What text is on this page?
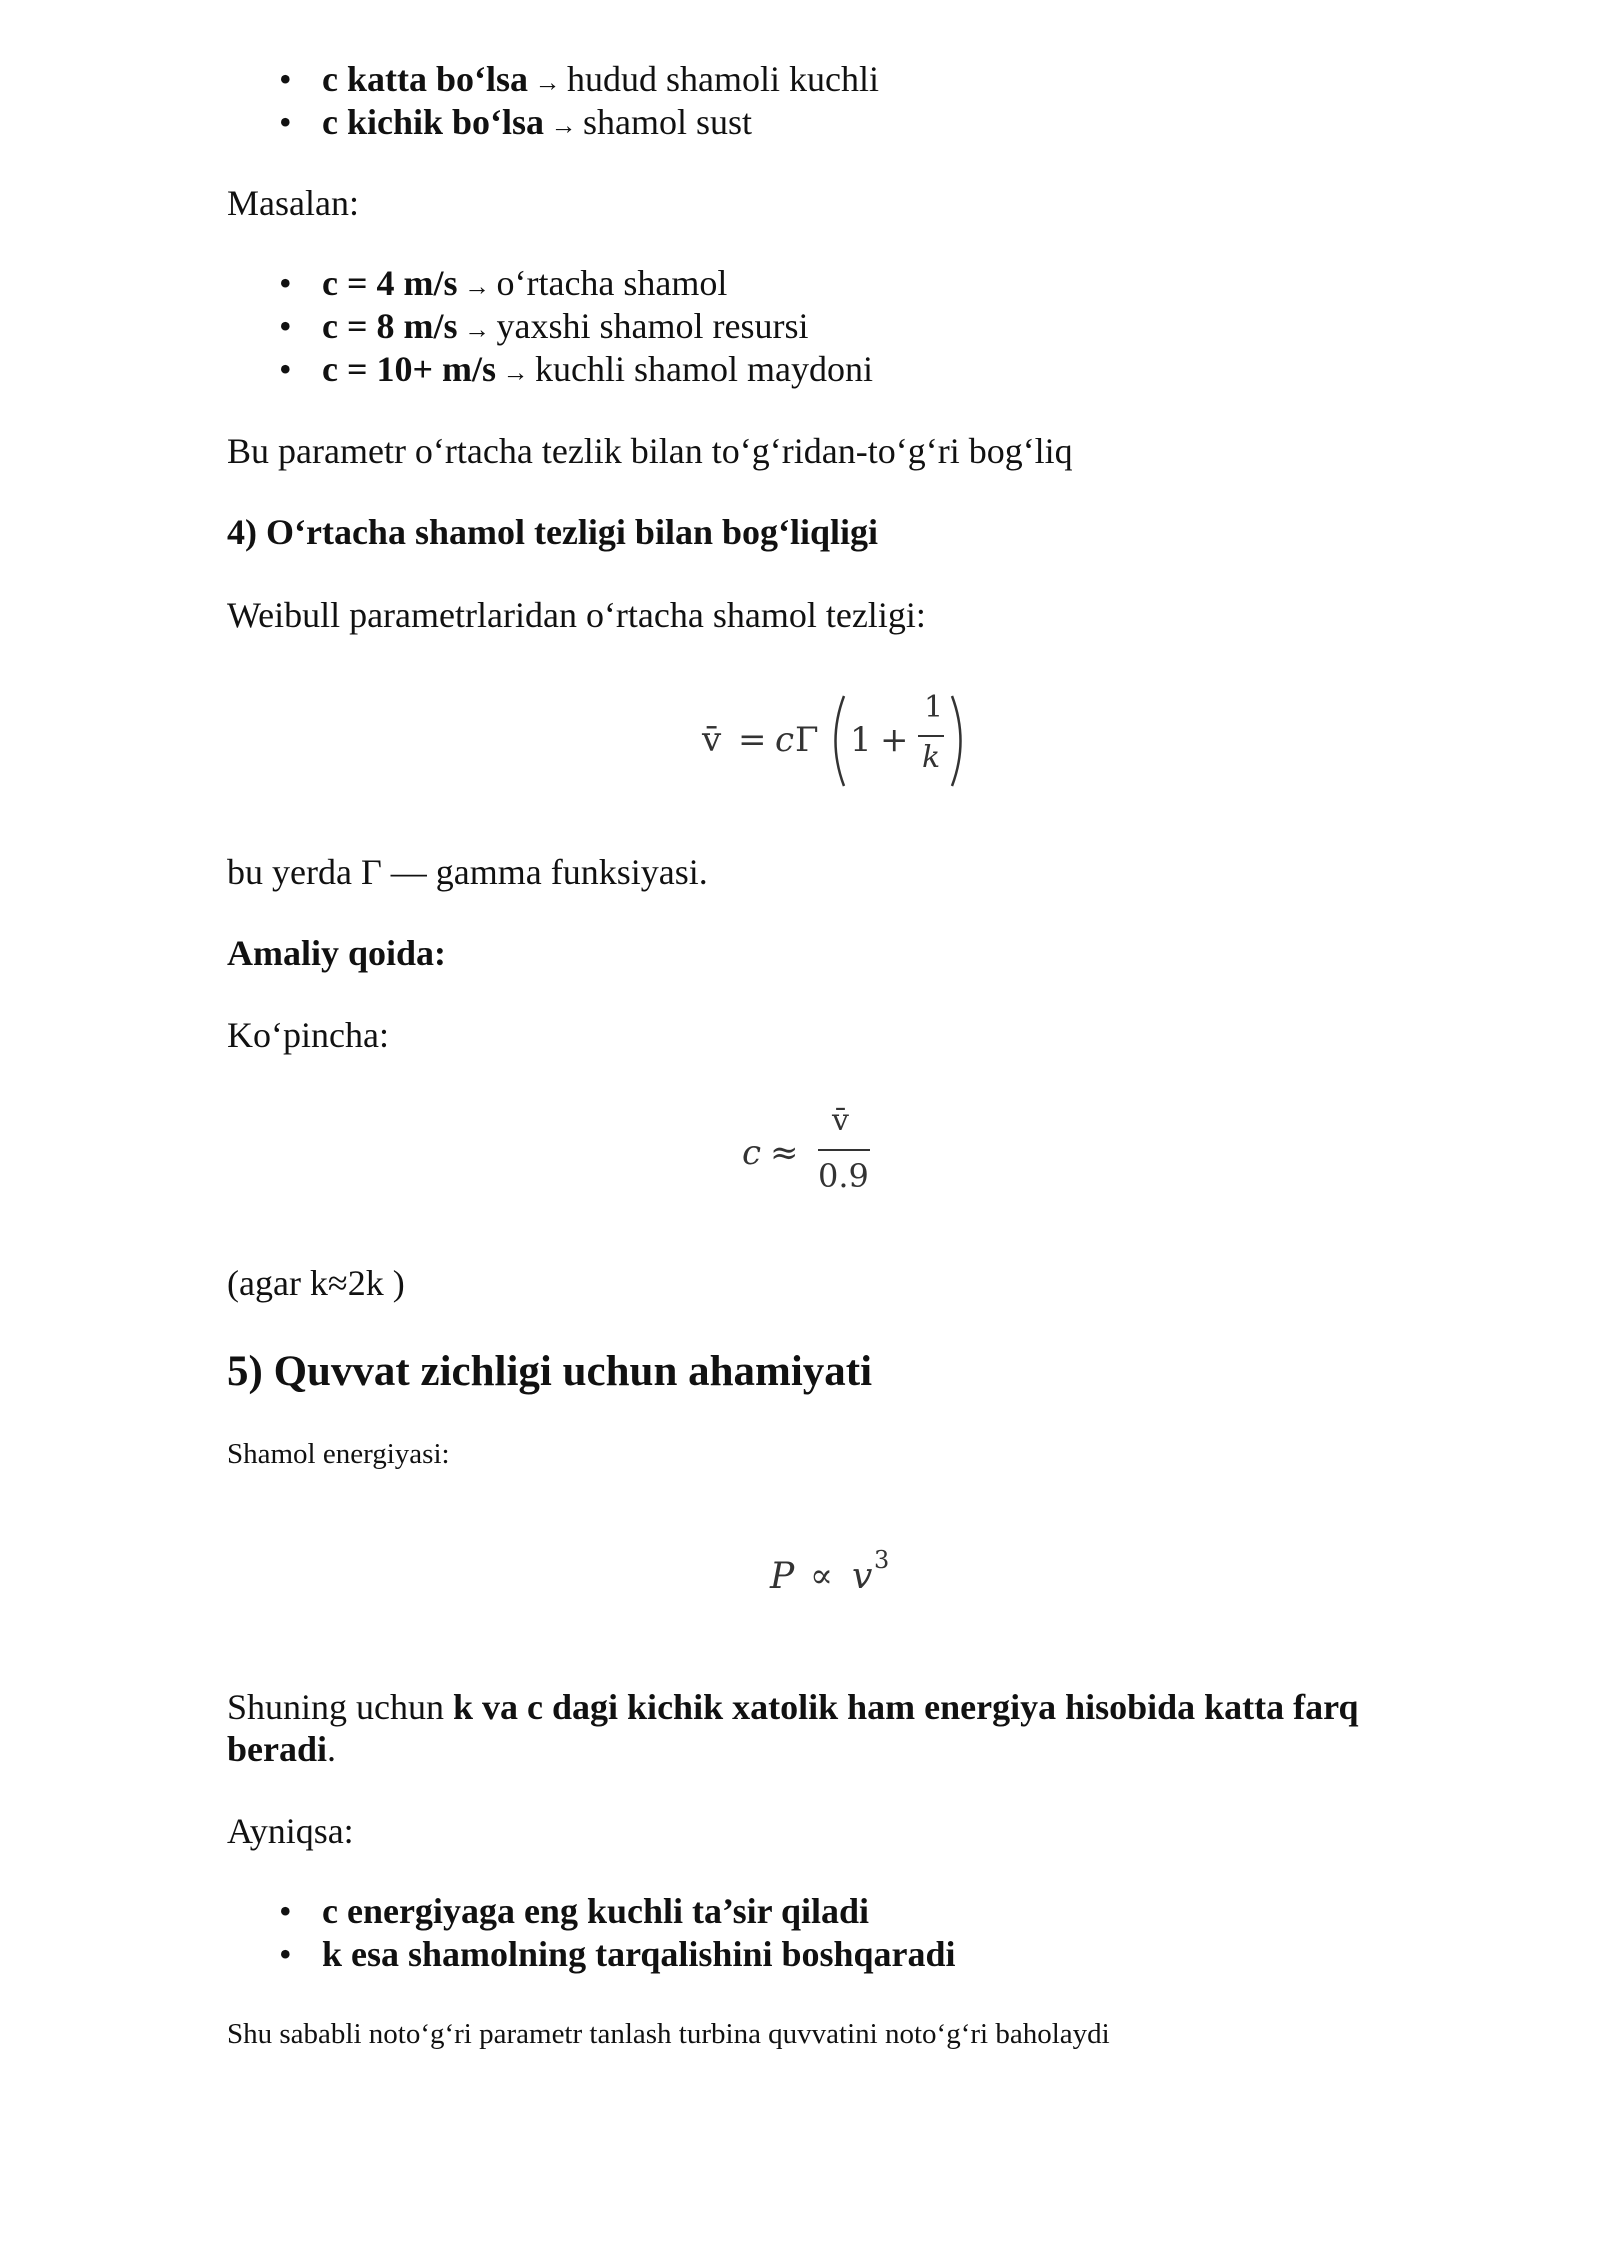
• c katta bo‘lsa → hudud shamoli kuchli
• c kichik bo‘lsa → shamol sust
Masalan:
• c = 4 m/s → o‘rtacha shamol
• c = 8 m/s → yaxshi shamol resursi
• c = 10+ m/s → kuchli shamol maydoni
Bu parametr o‘rtacha tezlik bilan to‘g‘ridan-to‘g‘ri bog‘liq
4) O‘rtacha shamol tezligi bilan bog‘liqligi
Weibull parametrlaridan o‘rtacha shamol tezligi:
v̄ = c Γ 1 +
1
k
bu yerda Γ — gamma funksiyasi.
Amaliy qoida:
Ko‘pincha:
c ≈
v̄
0.9
(agar k≈2k )
5) Quvvat zichligi uchun ahamiyati
Shamol energiyasi:
P ∝ v 3
Shuning uchun k va c dagi kichik xatolik ham energiya hisobida katta farq beradi.
Ayniqsa:
• c energiyaga eng kuchli ta’sir qiladi
• k esa shamolning tarqalishini boshqaradi
Shu sababli noto‘g‘ri parametr tanlash turbina quvvatini noto‘g‘ri baholaydi
